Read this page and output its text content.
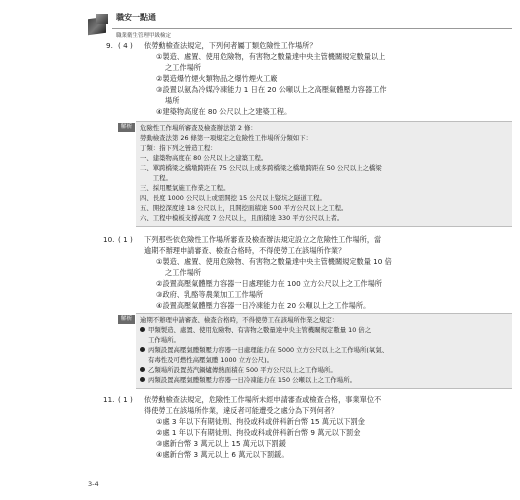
職安一點通
職業衛生管理甲級檢定
9. ( 4 ) 依勞動檢查法規定，下列何者屬丁類危險性工作場所？
①製造、處置、使用危險物，有害物之數量達中央主管機關規定數量以上
之工作場所
②製造爆竹煙火類物品之爆竹煙火工廠
③設置以氨為冷媒冷凍能力 1 日在 20 公噸以上之高壓氣體壓力容器工作
場所
④建築物高度在 80 公尺以上之建築工程。
解析	危險性工作場所審查及檢查辦法第 2 條：
勞動檢查法第 26 條第一項規定之危險性工作場所分類如下：
丁類：指下列之營造工程：
一、建築物高度在 80 公尺以上之建築工程。
二、單跨橋梁之橋墩跨距在 75 公尺以上或多跨橋梁之橋墩跨距在 50 公尺以上之橋梁
　　工程。
三、採用壓氣施工作業之工程。
四、長度 1000 公尺以上或需開挖 15 公尺以上豎坑之隧道工程。
五、開挖深度達 18 公尺以上，且開挖面積達 500 平方公尺以上之工程。
六、工程中模板支撐高度 7 公尺以上，且面積達 330 平方公尺以上者。
10. ( 1 ) 下列那些依危險性工作場所審查及檢查辦法規定設立之危險性工作場所，當
逾期不辦理申請審查、檢查合格時，不得使勞工在該場所作業？
①製造、處置、使用危險物、有害物之數量達中央主管機關規定數量 10 倍
之工作場所
②設置高壓氣體壓力容器一日處理能力在 100 立方公尺以上之工作場所
③政府、乳酪等農業加工工作場所
④設置高壓氣體壓力容器一日冷凍能力在 20 公噸以上之工作場所。
解析	逾期不辦理申請審查、檢查合格時，不得使勞工在該場所作業之規定：
甲類製造、處置、使用危險物、有害物之數量達中央主管機關規定數量 10 倍之
工作場所。
丙類設置高壓氣體類壓力容器一日處理能力在 5000 立方公尺以上之工作場所(氧氣、
有毒性及可燃性高壓氣體 1000 立方公尺)。
乙類場所設置蒸汽鍋爐傳熱面積在 500 平方公尺以上之工作場所。
丙類設置高壓氣體類壓力容器一日冷凍能力在 150 公噸以上之工作場所。
11. ( 1 ) 依勞動檢查法規定，危險性工作場所未經申請審查或檢查合格，事業單位不
得使勞工在該場所作業，違反者可能遭受之處分為下列何者？
①處 3 年以下有期徒刑、拘役或科或併科新台幣 15 萬元以下罰金
②處 1 年以下有期徒刑、拘役或科或併科新台幣 9 萬元以下罰金
③處新台幣 3 萬元以上 15 萬元以下罰鍰
④處新台幣 3 萬元以上 6 萬元以下罰鍰。
3-4
